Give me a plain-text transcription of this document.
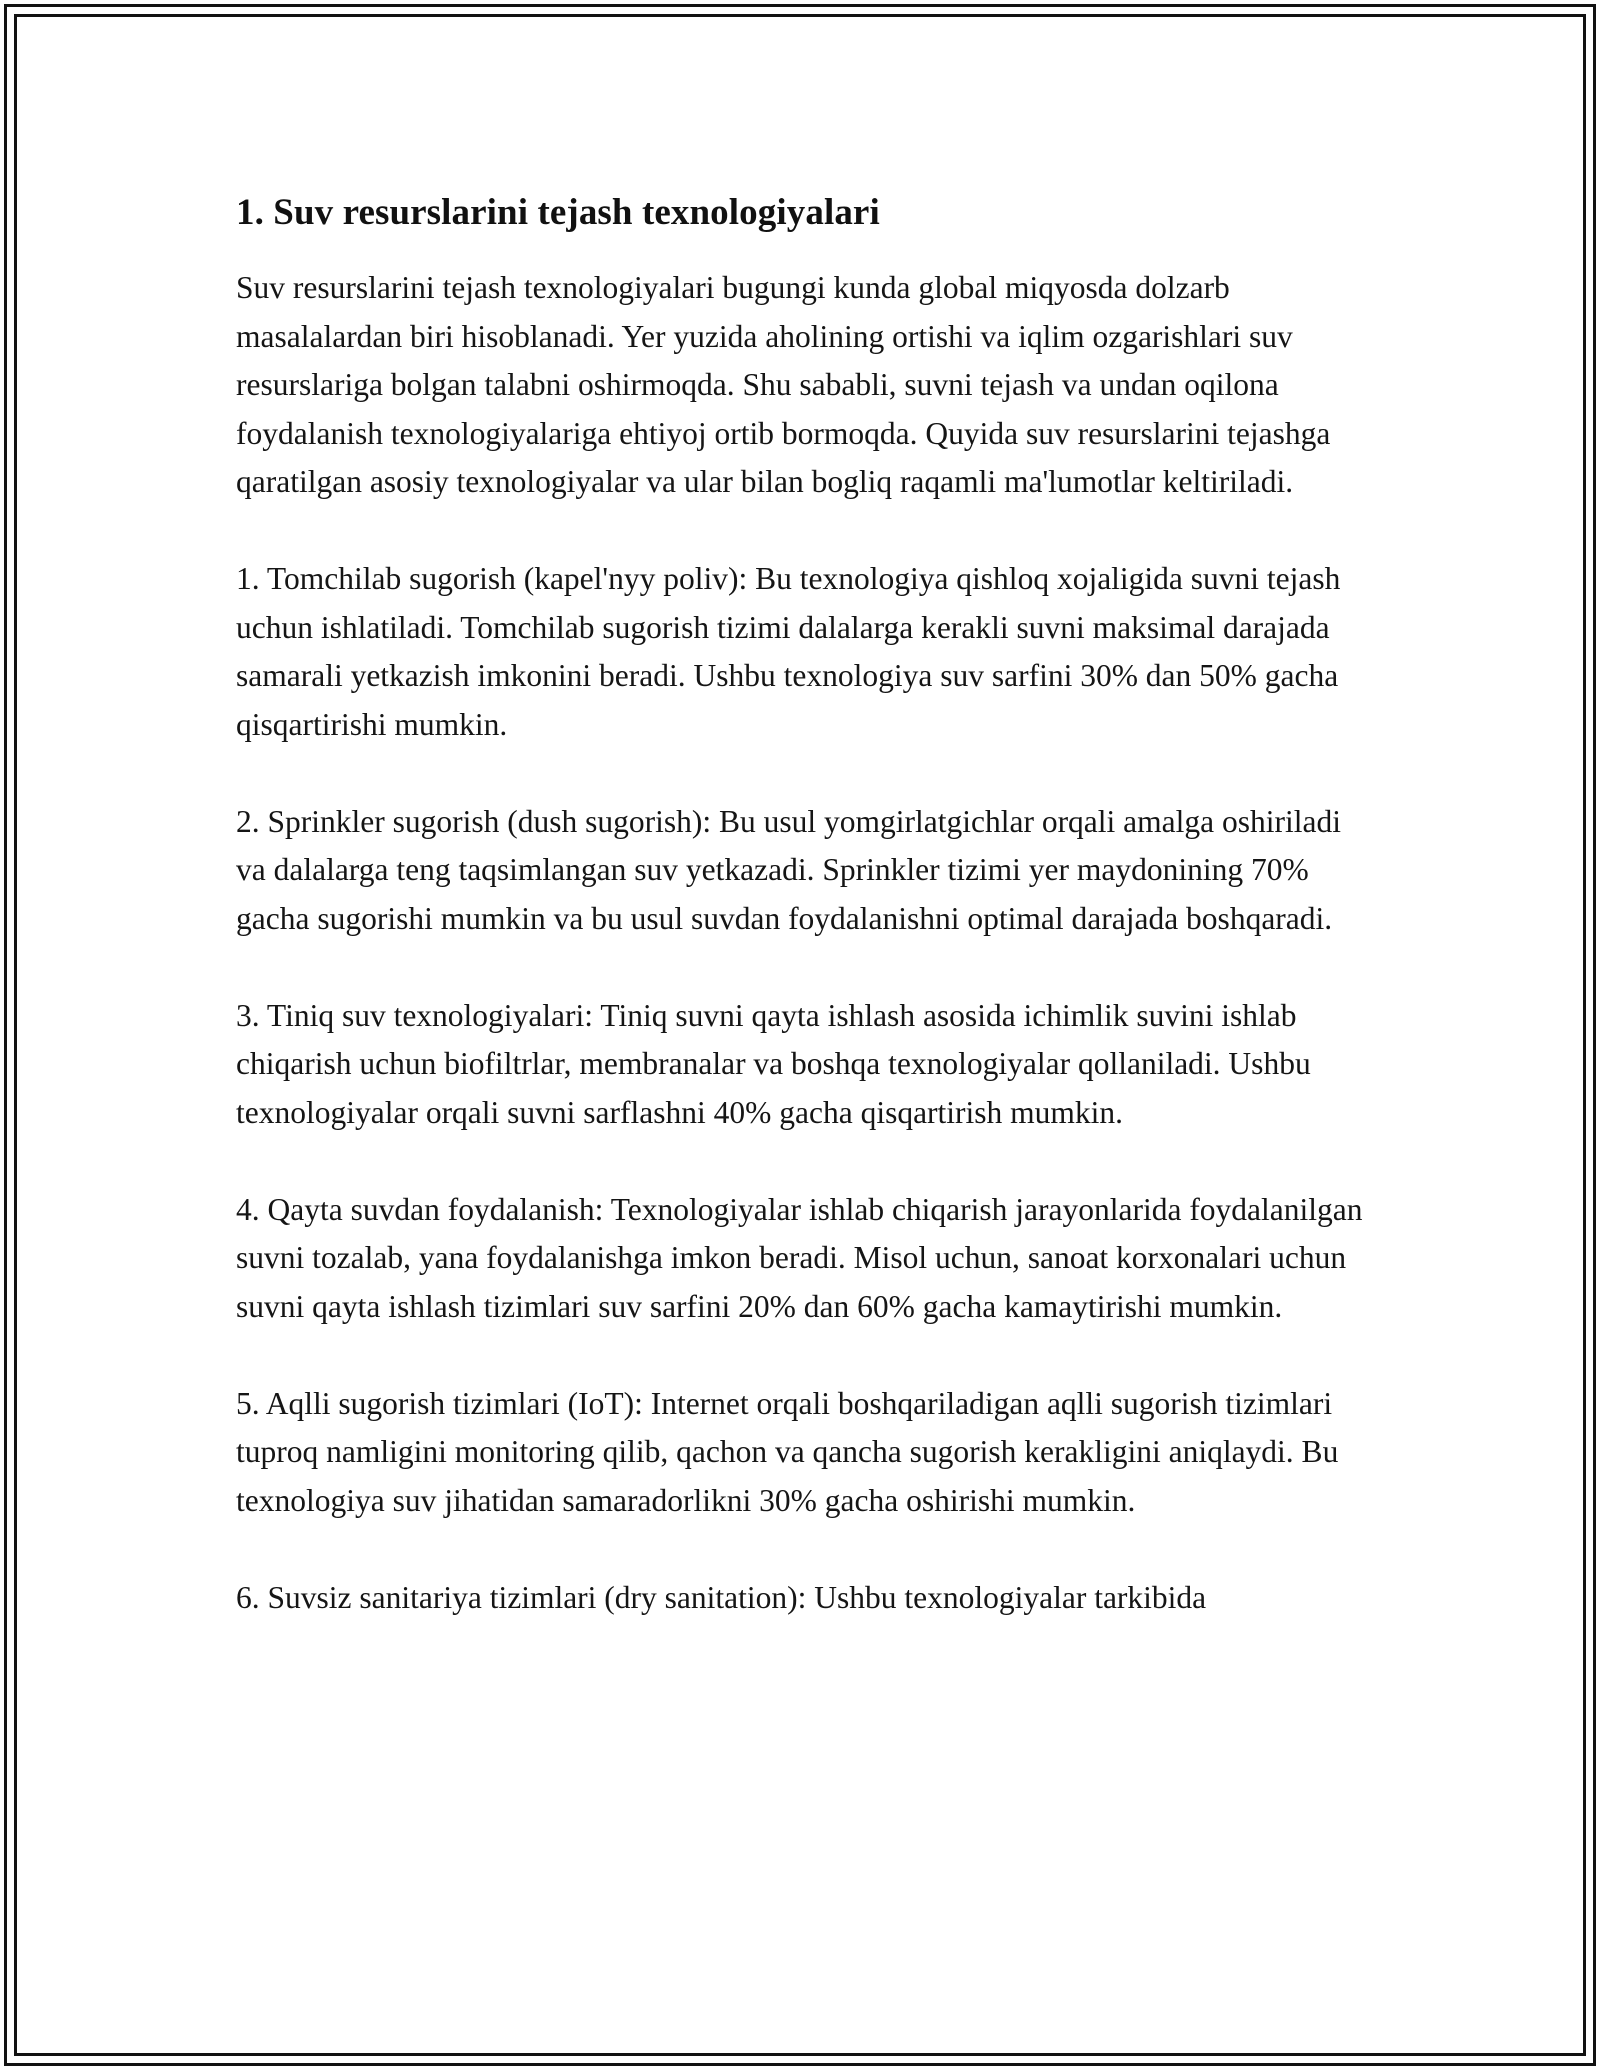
1. Suv resurslarini tejash texnologiyalari

Suv resurslarini tejash texnologiyalari bugungi kunda global miqyosda dolzarb masalalardan biri hisoblanadi. Yer yuzida aholining ortishi va iqlim ozgarishlari suv resurslariga bolgan talabni oshirmoqda. Shu sababli, suvni tejash va undan oqilona foydalanish texnologiyalariga ehtiyoj ortib bormoqda. Quyida suv resurslarini tejashga qaratilgan asosiy texnologiyalar va ular bilan bogliq raqamli ma'lumotlar keltiriladi.

1. Tomchilab sugorish (kapel'nyy poliv): Bu texnologiya qishloq xojaligida suvni tejash uchun ishlatiladi. Tomchilab sugorish tizimi dalalarga kerakli suvni maksimal darajada samarali yetkazish imkonini beradi. Ushbu texnologiya suv sarfini 30% dan 50% gacha qisqartirishi mumkin.

2. Sprinkler sugorish (dush sugorish): Bu usul yomgirlatgichlar orqali amalga oshiriladi va dalalarga teng taqsimlangan suv yetkazadi. Sprinkler tizimi yer maydonining 70% gacha sugorishi mumkin va bu usul suvdan foydalanishni optimal darajada boshqaradi.

3. Tiniq suv texnologiyalari: Tiniq suvni qayta ishlash asosida ichimlik suvini ishlab chiqarish uchun biofiltrlar, membranalar va boshqa texnologiyalar qollaniladi. Ushbu texnologiyalar orqali suvni sarflashni 40% gacha qisqartirish mumkin.

4. Qayta suvdan foydalanish: Texnologiyalar ishlab chiqarish jarayonlarida foydalanilgan suvni tozalab, yana foydalanishga imkon beradi. Misol uchun, sanoat korxonalari uchun suvni qayta ishlash tizimlari suv sarfini 20% dan 60% gacha kamaytirishi mumkin.

5. Aqlli sugorish tizimlari (IoT): Internet orqali boshqariladigan aqlli sugorish tizimlari tuproq namligini monitoring qilib, qachon va qancha sugorish kerakligini aniqlaydi. Bu texnologiya suv jihatidan samaradorlikni 30% gacha oshirishi mumkin.

6. Suvsiz sanitariya tizimlari (dry sanitation): Ushbu texnologiyalar tarkibida
